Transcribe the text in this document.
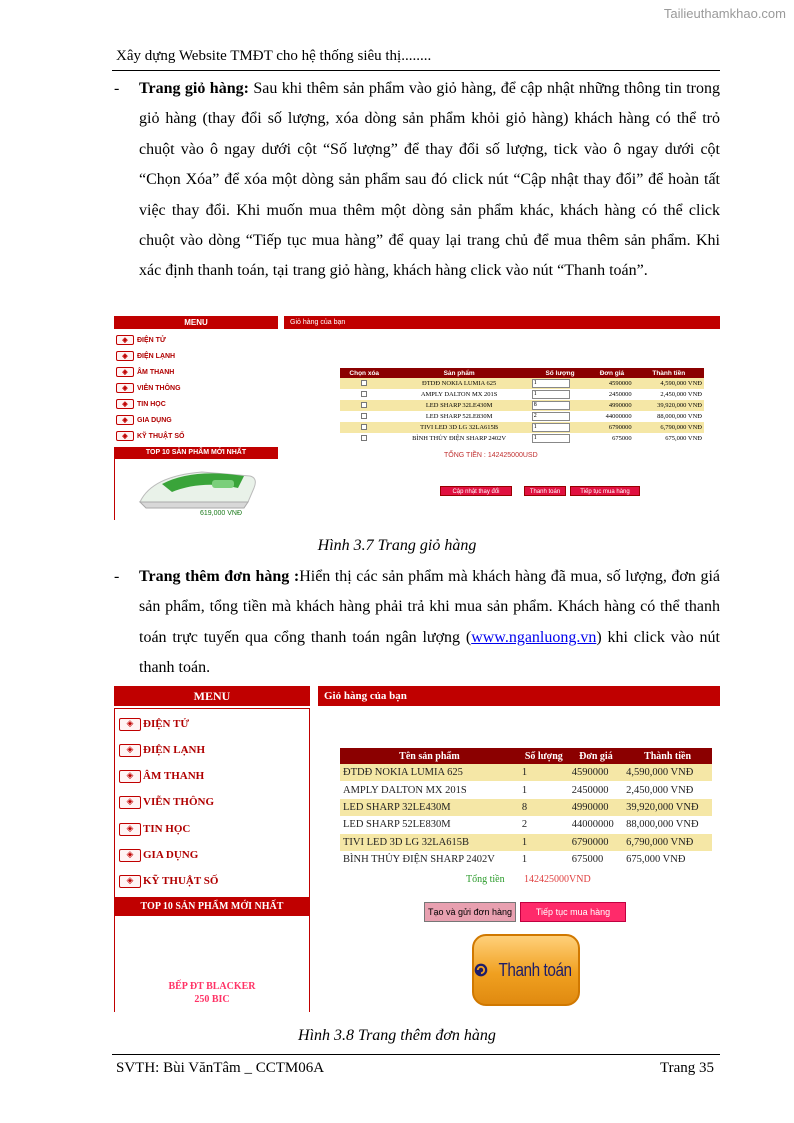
Tailieuthamkhao.com
Xây dựng Website TMĐT cho hệ thống siêu thị........
- Trang giỏ hàng: Sau khi thêm sản phẩm vào giỏ hàng, để cập nhật những thông tin trong giỏ hàng (thay đổi số lượng, xóa dòng sản phẩm khỏi giỏ hàng) khách hàng có thể trỏ chuột vào ô ngay dưới cột “Số lượng” để thay đổi số lượng, tick vào ô ngay dưới cột “Chọn Xóa” để xóa một dòng sản phẩm sau đó click nút “Cập nhật thay đổi” để hoàn tất việc thay đổi. Khi muốn mua thêm một dòng sản phẩm khác, khách hàng có thể click chuột vào dòng “Tiếp tục mua hàng” để quay lại trang chủ để mua thêm sản phẩm. Khi xác định thanh toán, tại trang giỏ hàng, khách hàng click vào nút “Thanh toán”.
MENU	Giỏ hàng của bạn
◈	ĐIỆN TỬ
◈	ĐIỆN LẠNH
◈	ÂM THANH
◈	VIỄN THÔNG
◈	TIN HỌC
◈	GIA DỤNG
◈	KỸ THUẬT SỐ
TOP 10 SẢN PHẨM MỚI NHẤT
619,000 VNĐ
Chọn xóa	Sản phẩm	Số lượng	Đơn giá	Thành tiền
	ĐTDĐ NOKIA LUMIA 625	1	4590000	4,590,000 VNĐ
	AMPLY DALTON MX 201S	1	2450000	2,450,000 VNĐ
	LED SHARP 32LE430M	8	4990000	39,920,000 VNĐ
	LED SHARP 52LE830M	2	44000000	88,000,000 VNĐ
	TIVI LED 3D LG 32LA615B	1	6790000	6,790,000 VNĐ
	BÌNH THỦY ĐIỆN SHARP 2402V	1	675000	675,000 VNĐ
TỔNG TIỀN : 142425000USD
Cập nhật thay đổi	Thanh toán	Tiếp tục mua hàng
Hình 3.7 Trang giỏ hàng
- Trang thêm đơn hàng :Hiển thị các sản phẩm mà khách hàng đã mua, số lượng, đơn giá sản phẩm, tổng tiền mà khách hàng phải trả khi mua sản phẩm. Khách hàng có thể thanh toán trực tuyến qua cổng thanh toán ngân lượng (www.nganluong.vn) khi click vào nút thanh toán.
MENU
◈ ĐIỆN TỬ
◈ ĐIỆN LẠNH
◈ ÂM THANH
◈ VIỄN THÔNG
◈ TIN HỌC
◈ GIA DỤNG
◈ KỸ THUẬT SỐ
TOP 10 SẢN PHẨM MỚI NHẤT
BẾP ĐT BLACKER
250 BIC
Giỏ hàng của bạn
Tên sản phẩm	Số lượng	Đơn giá	Thành tiền
ĐTDĐ NOKIA LUMIA 625	1	4590000	4,590,000 VNĐ
AMPLY DALTON MX 201S	1	2450000	2,450,000 VNĐ
LED SHARP 32LE430M	8	4990000	39,920,000 VNĐ
LED SHARP 52LE830M	2	44000000	88,000,000 VNĐ
TIVI LED 3D LG 32LA615B	1	6790000	6,790,000 VNĐ
BÌNH THỦY ĐIỆN SHARP 2402V	1	675000	675,000 VNĐ
Tổng tiền 142425000VND
Tạo và gửi đơn hàng	Tiếp tục mua hàng
Thanh toán
Hình 3.8 Trang thêm đơn hàng
SVTH: Bùi VănTâm _ CCTM06A	Trang 35
